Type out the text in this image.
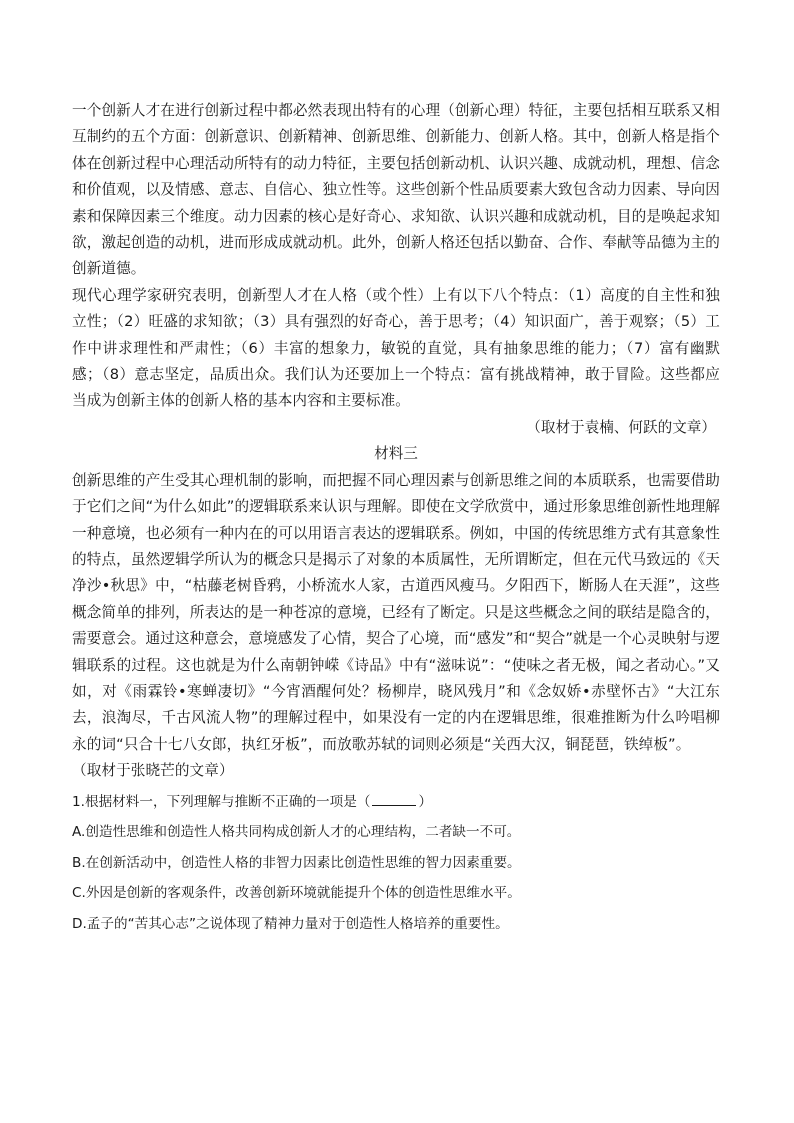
一个创新人才在进行创新过程中都必然表现出特有的心理（创新心理）特征，主要包括相互联系又相互制约的五个方面：创新意识、创新精神、创新思维、创新能力、创新人格。其中，创新人格是指个体在创新过程中心理活动所特有的动力特征，主要包括创新动机、认识兴趣、成就动机，理想、信念和价值观，以及情感、意志、自信心、独立性等。这些创新个性品质要素大致包含动力因素、导向因素和保障因素三个维度。动力因素的核心是好奇心、求知欲、认识兴趣和成就动机，目的是唤起求知欲，激起创造的动机，进而形成成就动机。此外，创新人格还包括以勤奋、合作、奉献等品德为主的创新道德。

现代心理学家研究表明，创新型人才在人格（或个性）上有以下八个特点：（1）高度的自主性和独立性；（2）旺盛的求知欲；（3）具有强烈的好奇心，善于思考；（4）知识面广，善于观察；（5）工作中讲求理性和严肃性；（6）丰富的想象力，敏锐的直觉，具有抽象思维的能力；（7）富有幽默感；（8）意志坚定，品质出众。我们认为还要加上一个特点：富有挑战精神，敢于冒险。这些都应当成为创新主体的创新人格的基本内容和主要标准。

（取材于袁楠、何跃的文章）

材料三

创新思维的产生受其心理机制的影响，而把握不同心理因素与创新思维之间的本质联系，也需要借助于它们之间“为什么如此”的逻辑联系来认识与理解。即使在文学欣赏中，通过形象思维创新性地理解一种意境，也必须有一种内在的可以用语言表达的逻辑联系。例如，中国的传统思维方式有其意象性的特点，虽然逻辑学所认为的概念只是揭示了对象的本质属性，无所谓断定，但在元代马致远的《天净沙•秋思》中，“枯藤老树昏鸦，小桥流水人家，古道西风瘦马。夕阳西下，断肠人在天涯”，这些概念简单的排列，所表达的是一种苍凉的意境，已经有了断定。只是这些概念之间的联结是隐含的，需要意会。通过这种意会，意境感发了心情，契合了心境，而“感发”和“契合”就是一个心灵映射与逻辑联系的过程。这也就是为什么南朝钟嵘《诗品》中有“滋味说”：“使味之者无极，闻之者动心。”又如，对《雨霖铃•寒蝉凄切》“今宵酒醒何处？杨柳岸，晓风残月”和《念奴娇•赤壁怀古》“大江东去，浪淘尽，千古风流人物”的理解过程中，如果没有一定的内在逻辑思维，很难推断为什么吟唱柳永的词“只合十七八女郎，执红牙板”，而放歌苏轼的词则必须是“关西大汉，铜琵琶，铁绰板”。

（取材于张晓芒的文章）

1.根据材料一，下列理解与推断不正确的一项是（	）

A.创造性思维和创造性人格共同构成创新人才的心理结构，二者缺一不可。

B.在创新活动中，创造性人格的非智力因素比创造性思维的智力因素重要。

C.外因是创新的客观条件，改善创新环境就能提升个体的创造性思维水平。

D.孟子的“苦其心志”之说体现了精神力量对于创造性人格培养的重要性。
